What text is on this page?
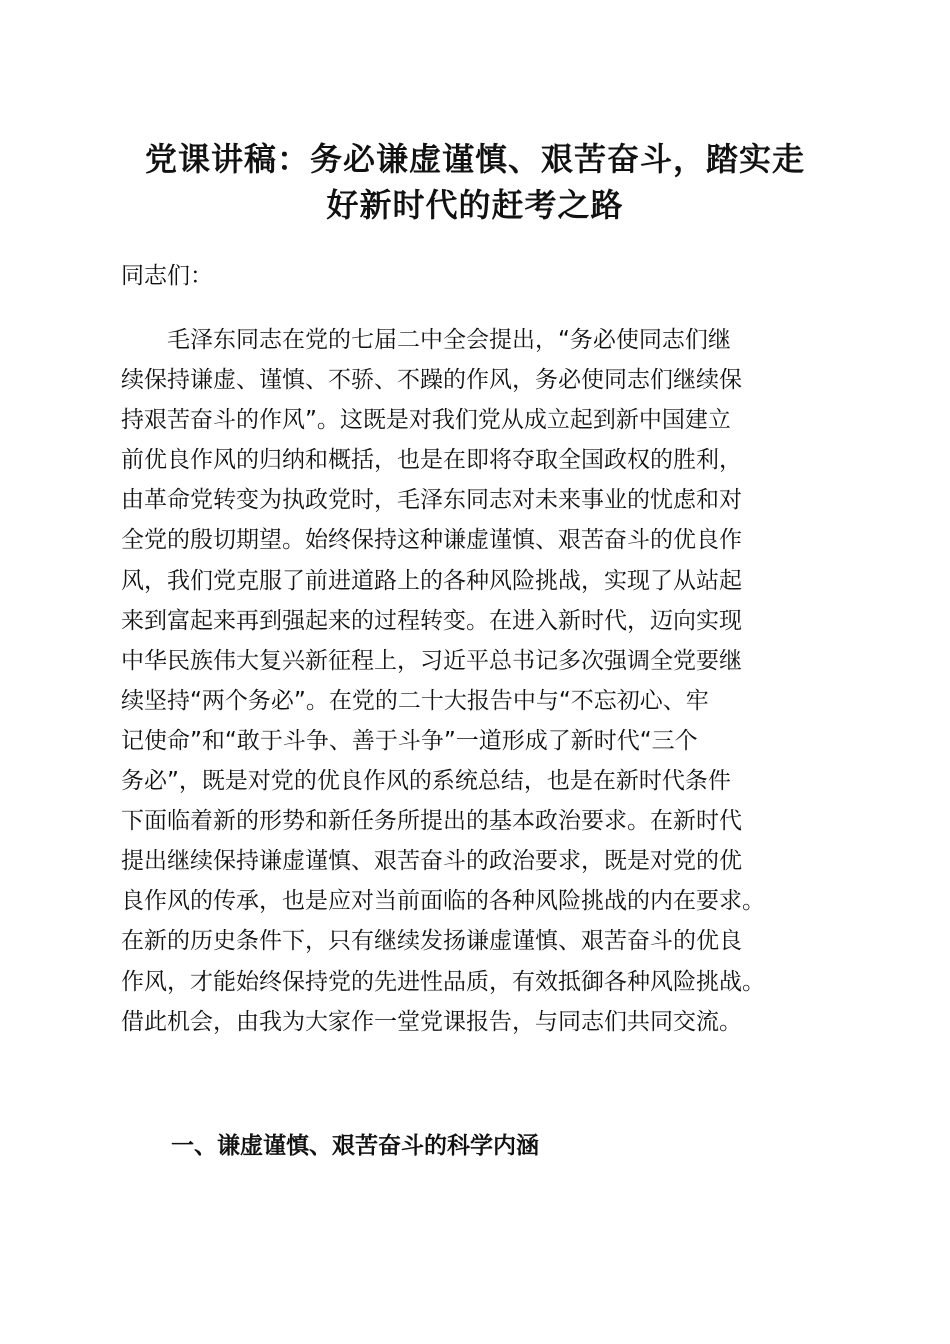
党课讲稿：务必谦虚谨慎、艰苦奋斗，踏实走
好新时代的赶考之路

同志们：

　　毛泽东同志在党的七届二中全会提出，“务必使同志们继
续保持谦虚、谨慎、不骄、不躁的作风，务必使同志们继续保
持艰苦奋斗的作风”。这既是对我们党从成立起到新中国建立
前优良作风的归纳和概括，也是在即将夺取全国政权的胜利，
由革命党转变为执政党时，毛泽东同志对未来事业的忧虑和对
全党的殷切期望。始终保持这种谦虚谨慎、艰苦奋斗的优良作
风，我们党克服了前进道路上的各种风险挑战，实现了从站起
来到富起来再到强起来的过程转变。在进入新时代，迈向实现
中华民族伟大复兴新征程上，习近平总书记多次强调全党要继
续坚持“两个务必”。在党的二十大报告中与“不忘初心、牢
记使命”和“敢于斗争、善于斗争”一道形成了新时代“三个
务必”，既是对党的优良作风的系统总结，也是在新时代条件
下面临着新的形势和新任务所提出的基本政治要求。在新时代
提出继续保持谦虚谨慎、艰苦奋斗的政治要求，既是对党的优
良作风的传承，也是应对当前面临的各种风险挑战的内在要求。
在新的历史条件下，只有继续发扬谦虚谨慎、艰苦奋斗的优良
作风，才能始终保持党的先进性品质，有效抵御各种风险挑战。
借此机会，由我为大家作一堂党课报告，与同志们共同交流。

一、谦虚谨慎、艰苦奋斗的科学内涵
